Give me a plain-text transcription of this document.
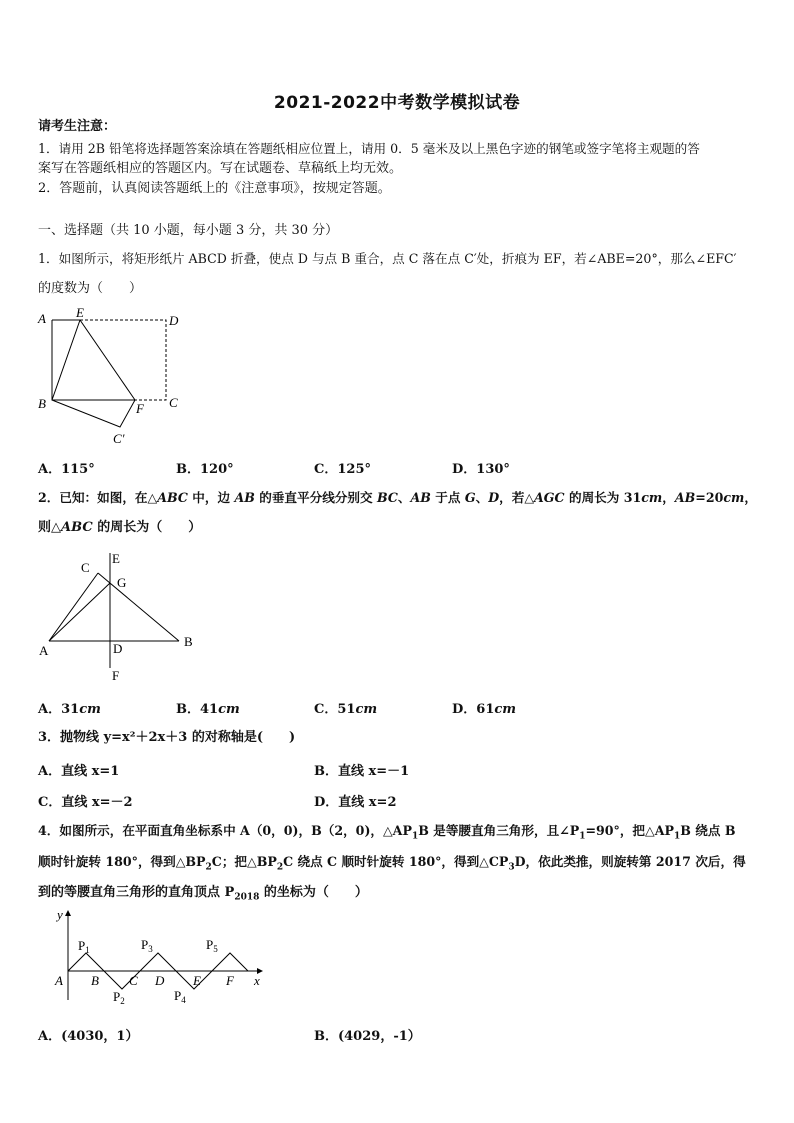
2021-2022中考数学模拟试卷
请考生注意：
1．请用 2B 铅笔将选择题答案涂填在答题纸相应位置上，请用 0．5 毫米及以上黑色字迹的钢笔或签字笔将主观题的答
案写在答题纸相应的答题区内。写在试题卷、草稿纸上均无效。
2．答题前，认真阅读答题纸上的《注意事项》，按规定答题。
一、选择题（共 10 小题，每小题 3 分，共 30 分）
1．如图所示，将矩形纸片 ABCD 折叠，使点 D 与点 B 重合，点 C 落在点 C′处，折痕为 EF，若∠ABE=20°，那么∠EFC′
的度数为（　　）
A E
D
B	F C
C′
A．115°	B．120°	C．125°	D．130°
2．已知：如图，在△ABC 中，边 AB 的垂直平分线分别交 BC、AB 于点 G、D，若△AGC 的周长为 31cm，AB=20cm，
则△ABC 的周长为（　　）
C
E
G
A	D	B
F
A．31cm	B．41cm	C．51cm	D．61cm
3．抛物线 y=x²＋2x＋3 的对称轴是(　　)
A．直线 x=1	B．直线 x=－1
C．直线 x=－2	D．直线 x=2
4．如图所示，在平面直角坐标系中 A（0，0)，B（2，0)，$\triangle AP_1B$ 是等腰直角三角形，且$\angle P_1=90^\circ$，把$\triangle AP_1B$ 绕点 B
顺时针旋转 180°，得到$\triangle BP_2C$；把$\triangle BP_2C$ 绕点 C 顺时针旋转 180°，得到$\triangle CP_3D$，依此类推，则旋转第 2017 次后，得
到的等腰直角三角形的直角顶点 $P_{2018}$ 的坐标为（　　）
y
x
A B C D E F
$P_1$
$P_2$
$P_3$
$P_4$
$P_5$
A．(4030，1）	B．(4029，-1）
